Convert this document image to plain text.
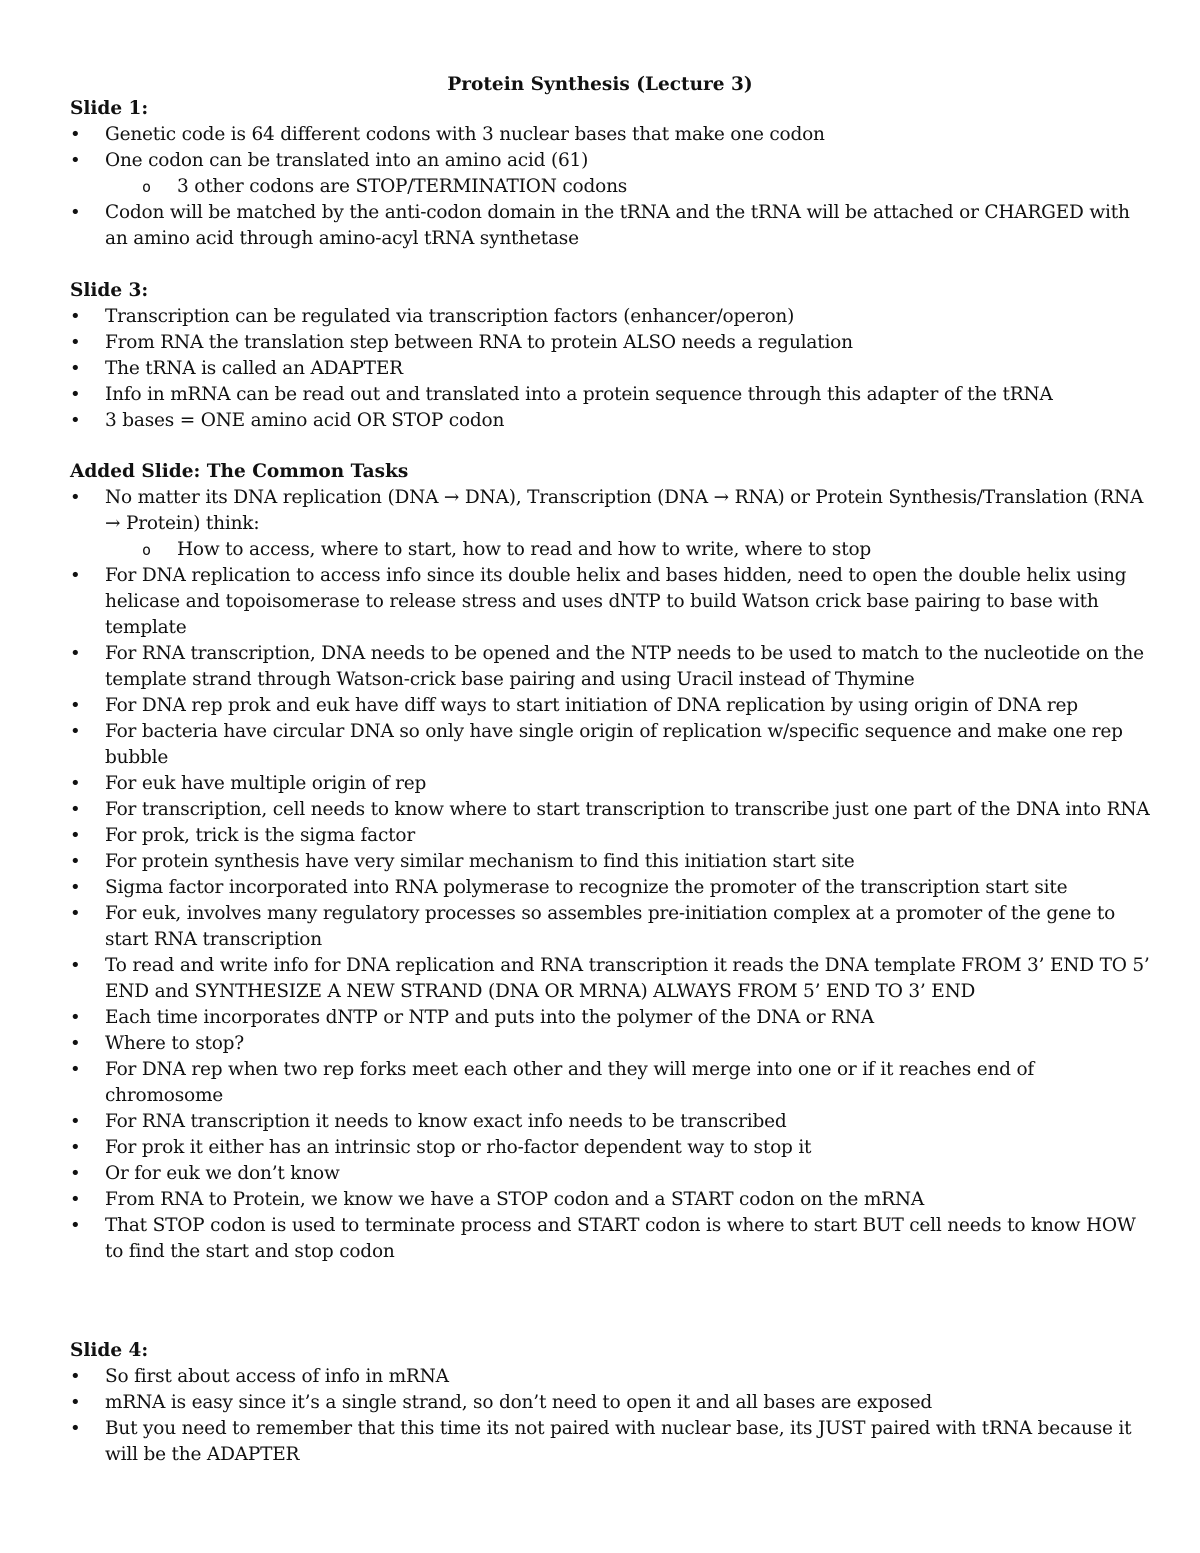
Protein Synthesis (Lecture 3)
Slide 1:
• Genetic code is 64 different codons with 3 nuclear bases that make one codon
• One codon can be translated into an amino acid (61)
o 3 other codons are STOP/TERMINATION codons
• Codon will be matched by the anti-codon domain in the tRNA and the tRNA will be attached or CHARGED with an amino acid through amino-acyl tRNA synthetase
Slide 3:
• Transcription can be regulated via transcription factors (enhancer/operon)
• From RNA the translation step between RNA to protein ALSO needs a regulation
• The tRNA is called an ADAPTER
• Info in mRNA can be read out and translated into a protein sequence through this adapter of the tRNA
• 3 bases = ONE amino acid OR STOP codon
Added Slide: The Common Tasks
• No matter its DNA replication (DNA → DNA), Transcription (DNA → RNA) or Protein Synthesis/Translation (RNA → Protein) think:
o How to access, where to start, how to read and how to write, where to stop
• For DNA replication to access info since its double helix and bases hidden, need to open the double helix using helicase and topoisomerase to release stress and uses dNTP to build Watson crick base pairing to base with template
• For RNA transcription, DNA needs to be opened and the NTP needs to be used to match to the nucleotide on the template strand through Watson-crick base pairing and using Uracil instead of Thymine
• For DNA rep prok and euk have diff ways to start initiation of DNA replication by using origin of DNA rep
• For bacteria have circular DNA so only have single origin of replication w/specific sequence and make one rep bubble
• For euk have multiple origin of rep
• For transcription, cell needs to know where to start transcription to transcribe just one part of the DNA into RNA
• For prok, trick is the sigma factor
• For protein synthesis have very similar mechanism to find this initiation start site
• Sigma factor incorporated into RNA polymerase to recognize the promoter of the transcription start site
• For euk, involves many regulatory processes so assembles pre-initiation complex at a promoter of the gene to start RNA transcription
• To read and write info for DNA replication and RNA transcription it reads the DNA template FROM 3’ END TO 5’ END and SYNTHESIZE A NEW STRAND (DNA OR MRNA) ALWAYS FROM 5’ END TO 3’ END
• Each time incorporates dNTP or NTP and puts into the polymer of the DNA or RNA
• Where to stop?
• For DNA rep when two rep forks meet each other and they will merge into one or if it reaches end of chromosome
• For RNA transcription it needs to know exact info needs to be transcribed
• For prok it either has an intrinsic stop or rho-factor dependent way to stop it
• Or for euk we don’t know
• From RNA to Protein, we know we have a STOP codon and a START codon on the mRNA
• That STOP codon is used to terminate process and START codon is where to start BUT cell needs to know HOW to find the start and stop codon
Slide 4:
• So first about access of info in mRNA
• mRNA is easy since it’s a single strand, so don’t need to open it and all bases are exposed
• But you need to remember that this time its not paired with nuclear base, its JUST paired with tRNA because it will be the ADAPTER
